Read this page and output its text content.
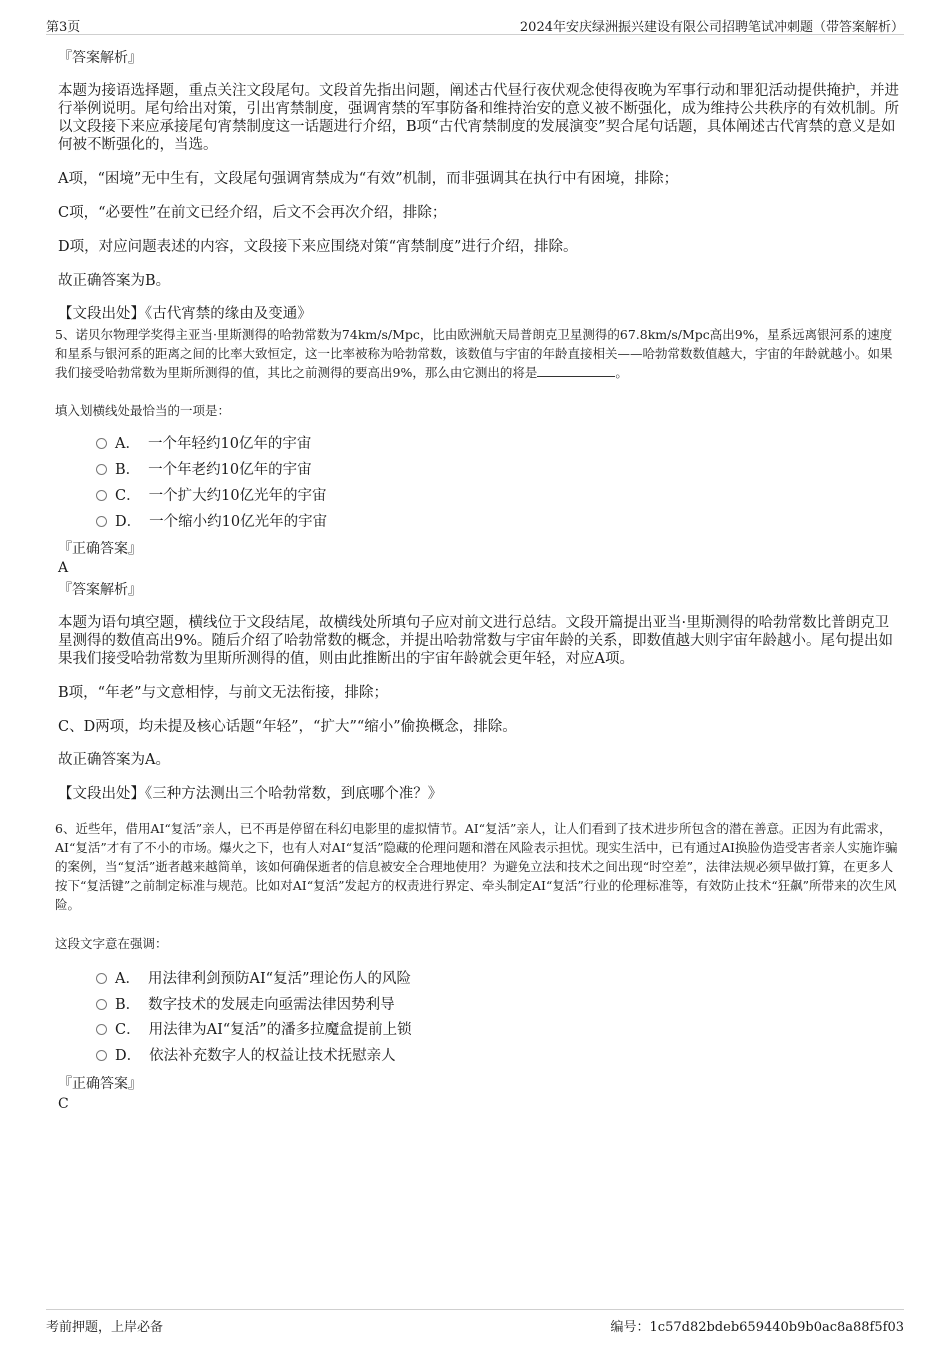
第3页	2024年安庆绿洲振兴建设有限公司招聘笔试冲刺题（带答案解析）
『答案解析』
本题为接语选择题，重点关注文段尾句。文段首先指出问题，阐述古代昼行夜伏观念使得夜晚为军事行动和罪犯活动提供掩护，并进行举例说明。尾句给出对策，引出宵禁制度，强调宵禁的军事防备和维持治安的意义被不断强化，成为维持公共秩序的有效机制。所以文段接下来应承接尾句宵禁制度这一话题进行介绍，B项“古代宵禁制度的发展演变”契合尾句话题，具体阐述古代宵禁的意义是如何被不断强化的，当选。
A项，“困境”无中生有，文段尾句强调宵禁成为“有效”机制，而非强调其在执行中有困境，排除；
C项，“必要性”在前文已经介绍，后文不会再次介绍，排除；
D项，对应问题表述的内容，文段接下来应围绕对策“宵禁制度”进行介绍，排除。
故正确答案为B。
【文段出处】《古代宵禁的缘由及变通》
5、诺贝尔物理学奖得主亚当·里斯测得的哈勃常数为74km/s/Mpc，比由欧洲航天局普朗克卫星测得的67.8km/s/Mpc高出9%，星系远离银河系的速度和星系与银河系的距离之间的比率大致恒定，这一比率被称为哈勃常数，该数值与宇宙的年龄直接相关——哈勃常数数值越大，宇宙的年龄就越小。如果我们接受哈勃常数为里斯所测得的值，其比之前测得的要高出9%，那么由它测出的将是	。
填入划横线处最恰当的一项是：
A． 一个年轻约10亿年的宇宙
B． 一个年老约10亿年的宇宙
C． 一个扩大约10亿光年的宇宙
D． 一个缩小约10亿光年的宇宙
『正确答案』
A
『答案解析』
本题为语句填空题，横线位于文段结尾，故横线处所填句子应对前文进行总结。文段开篇提出亚当·里斯测得的哈勃常数比普朗克卫星测得的数值高出9%。随后介绍了哈勃常数的概念，并提出哈勃常数与宇宙年龄的关系，即数值越大则宇宙年龄越小。尾句提出如果我们接受哈勃常数为里斯所测得的值，则由此推断出的宇宙年龄就会更年轻，对应A项。
B项，“年老”与文意相悖，与前文无法衔接，排除；
C、D两项，均未提及核心话题“年轻”，“扩大”“缩小”偷换概念，排除。
故正确答案为A。
【文段出处】《三种方法测出三个哈勃常数，到底哪个准？》
6、近些年，借用AI“复活”亲人，已不再是停留在科幻电影里的虚拟情节。AI“复活”亲人，让人们看到了技术进步所包含的潜在善意。正因为有此需求，AI“复活”才有了不小的市场。爆火之下，也有人对AI“复活”隐藏的伦理问题和潜在风险表示担忧。现实生活中，已有通过AI换脸伪造受害者亲人实施诈骗的案例，当“复活”逝者越来越简单，该如何确保逝者的信息被安全合理地使用？为避免立法和技术之间出现“时空差”，法律法规必须早做打算，在更多人按下“复活键”之前制定标准与规范。比如对AI“复活”发起方的权责进行界定、牵头制定AI“复活”行业的伦理标准等，有效防止技术“狂飙”所带来的次生风险。
这段文字意在强调：
A． 用法律利剑预防AI“复活”理论伤人的风险
B． 数字技术的发展走向亟需法律因势利导
C． 用法律为AI“复活”的潘多拉魔盒提前上锁
D． 依法补充数字人的权益让技术抚慰亲人
『正确答案』
C
考前押题，上岸必备	编号：1c57d82bdeb659440b9b0ac8a88f5f03
